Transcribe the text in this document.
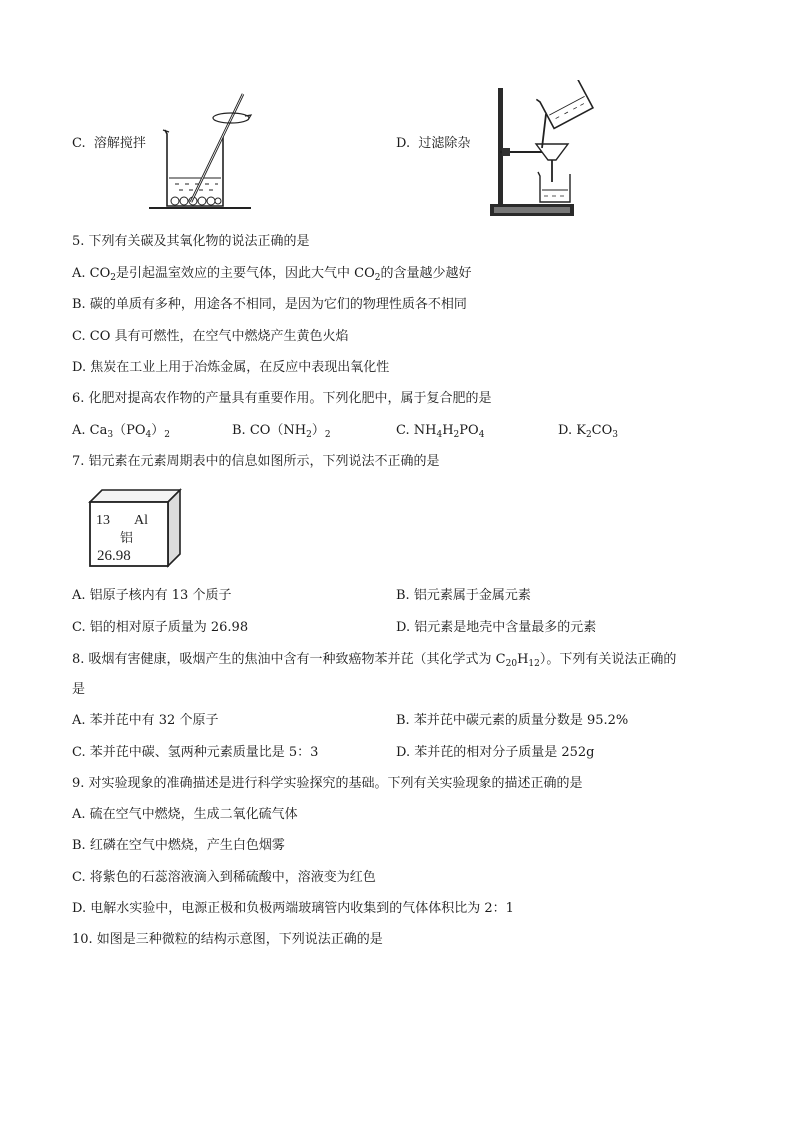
C. 溶解搅拌	D. 过滤除杂
5. 下列有关碳及其氧化物的说法正确的是
A. $CO_2$是引起温室效应的主要气体，因此大气中 $CO_2$的含量越少越好
B. 碳的单质有多种，用途各不相同，是因为它们的物理性质各不相同
C. CO 具有可燃性，在空气中燃烧产生黄色火焰
D. 焦炭在工业上用于冶炼金属，在反应中表现出氧化性
6. 化肥对提高农作物的产量具有重要作用。下列化肥中，属于复合肥的是
A. $Ca_3(PO_4)_2$	B. $CO(NH_2)_2$	C. $NH_4H_2PO_4$	D. $K_2CO_3$
7. 铝元素在元素周期表中的信息如图所示，下列说法不正确的是
13 Al
铝
26.98
A. 铝原子核内有 13 个质子	B. 铝元素属于金属元素
C. 铝的相对原子质量为 26.98	D. 铝元素是地壳中含量最多的元素
8. 吸烟有害健康，吸烟产生的焦油中含有一种致癌物苯并芘（其化学式为 $C_{20}H_{12}$）。下列有关说法正确的
是
A. 苯并芘中有 32 个原子	B. 苯并芘中碳元素的质量分数是 95.2%
C. 苯并芘中碳、氢两种元素质量比是 5：3	D. 苯并芘的相对分子质量是 252g
9. 对实验现象的准确描述是进行科学实验探究的基础。下列有关实验现象的描述正确的是
A. 硫在空气中燃烧，生成二氧化硫气体
B. 红磷在空气中燃烧，产生白色烟雾
C. 将紫色的石蕊溶液滴入到稀硫酸中，溶液变为红色
D. 电解水实验中，电源正极和负极两端玻璃管内收集到的气体体积比为 2：1
10. 如图是三种微粒的结构示意图，下列说法正确的是
